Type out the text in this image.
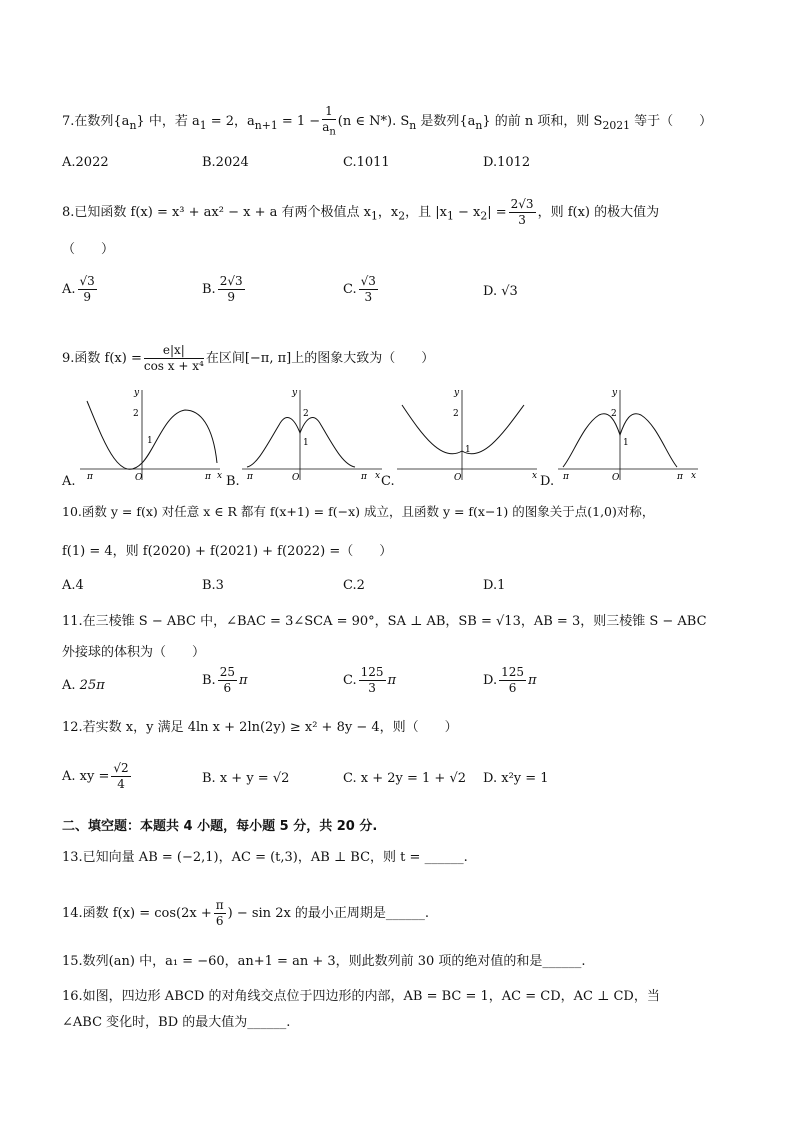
7.在数列$\{a_n\}$ 中，若 $a_1 = 2$，$a_{n+1} = 1 - \frac{1}{a_n} (n$ ∈ N*). $S_n$ 是数列$\{a_n\}$ 的前 n 项和，则 $S_{2021}$ 等于（　　）
A.2022	B.2024	C.1011	D.1012
8.已知函数 f(x) = x³ + ax² − x + a 有两个极值点 $x_1$，$x_2$，且 $|x_1 - x_2| = \frac{2√3}{3}$ ，则 f(x) 的极大值为
（　　）
A. $\frac{√3}{9}$	B. $\frac{2√3}{9}$	C. $\frac{√3}{3}$	D. √3
9.函数 $f(x) = \frac{e|x|}{\text{cos x + x⁴}}$ 在区间[−π, π]上的图象大致为（　　）
y
x
O
2
1
π	π
y
x
O
2
1
π	π
y
x
O
2
1
y
x
O
2
1
π	π
A.	B.	C.	D.
10.函数 y = f(x) 对任意 x ∈ R 都有 f(x+1) = f(−x) 成立，且函数 y = f(x−1) 的图象关于点(1,0)对称，
f(1) = 4，则 f(2020) + f(2021) + f(2022) =（　　）
A.4	B.3	C.2	D.1
11.在三棱锥 S − ABC 中，∠BAC = 3∠SCA = 90°，SA ⊥ AB，SB = √13，AB = 3，则三棱锥 S − ABC
外接球的体积为（　　）
A. 25π	B. $\frac{25}{6}$ π	C. $\frac{125}{3}$ π	D. $\frac{125}{6}$ π
12.若实数 x，y 满足 4ln x + 2ln(2y) ≥ x² + 8y − 4，则（　　）
A. xy = $\frac{√2}{4}$	B. x + y = √2	C. x + 2y = 1 + √2 D. x²y = 1
二、填空题：本题共 4 小题，每小题 5 分，共 20 分.
13.已知向量 AB = (−2,1)，AC = (t,3)，AB ⊥ BC，则 t = ______.
14.函数 $f(x) = \cos(2x + \frac{\pi}{6}$ ) − sin 2x 的最小正周期是______.
15.数列(an) 中，a₁ = −60，an+1 = an + 3，则此数列前 30 项的绝对值的和是______.
16.如图，四边形 ABCD 的对角线交点位于四边形的内部，AB = BC = 1，AC = CD，AC ⊥ CD，当
∠ABC 变化时，BD 的最大值为______.
